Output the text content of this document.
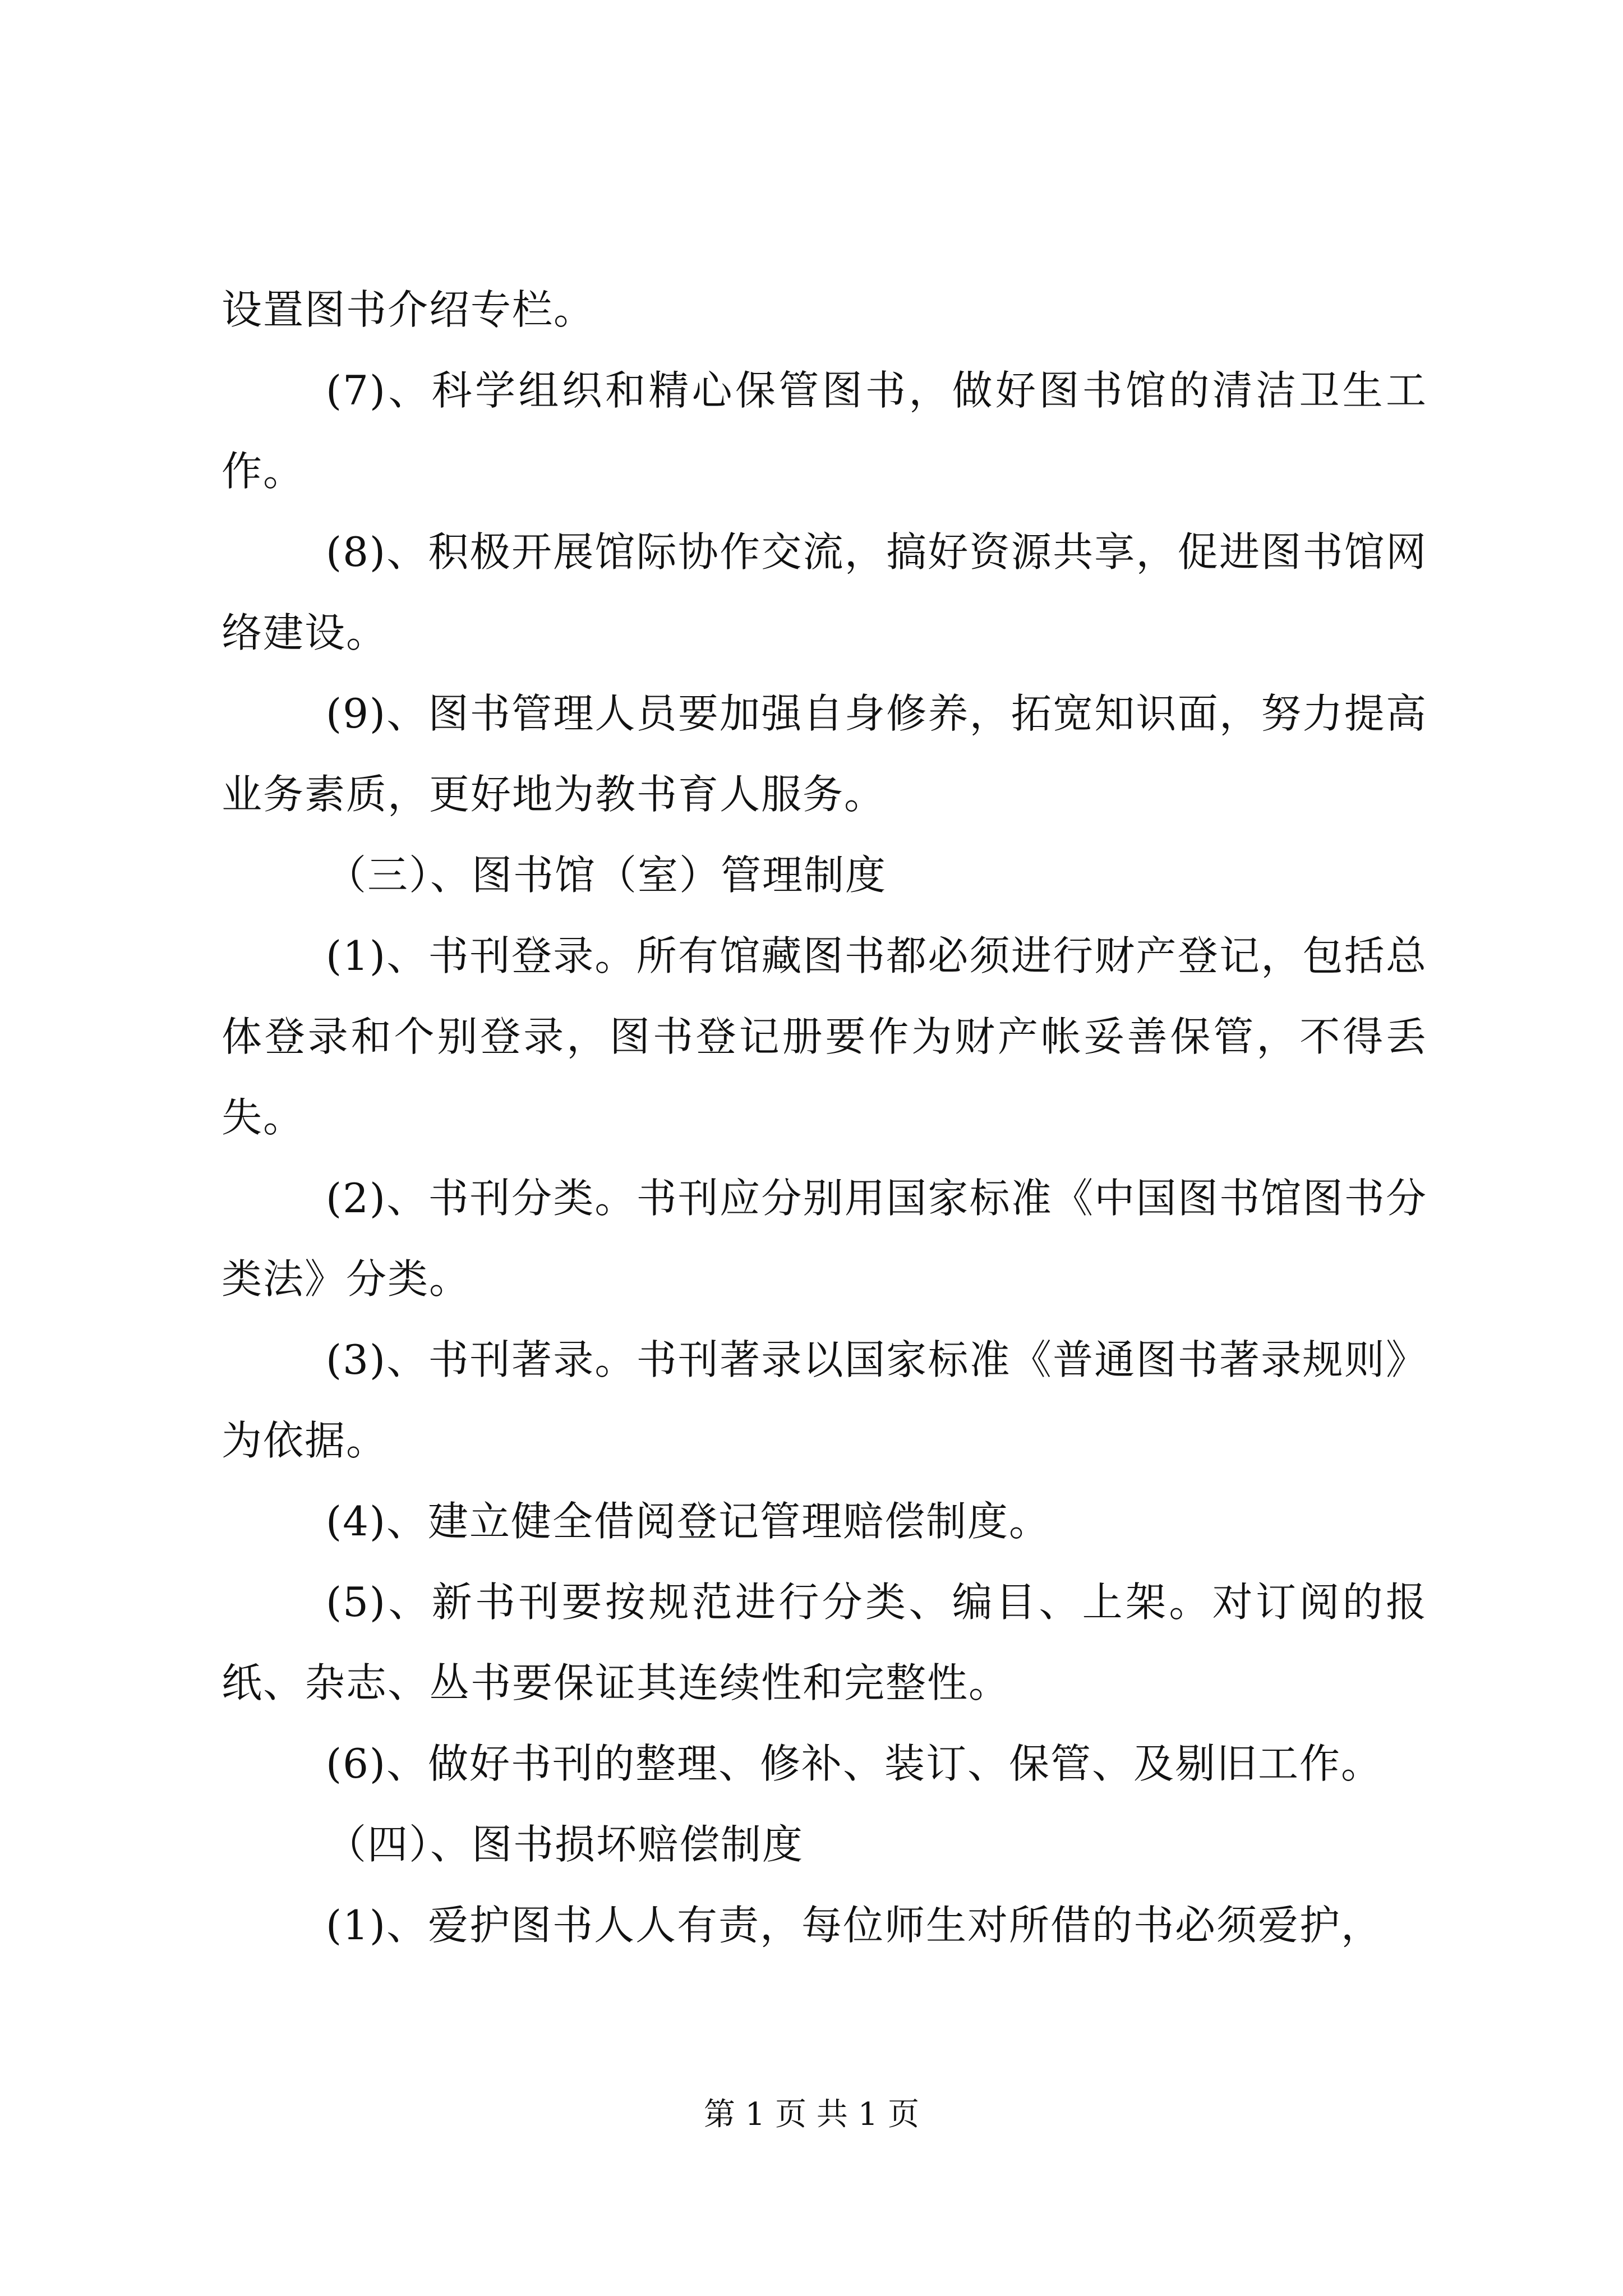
设置图书介绍专栏。

(7)、科学组织和精心保管图书，做好图书馆的清洁卫生工作。

(8)、积极开展馆际协作交流，搞好资源共享，促进图书馆网络建设。

(9)、图书管理人员要加强自身修养，拓宽知识面，努力提高业务素质，更好地为教书育人服务。

（三）、图书馆（室）管理制度

(1)、书刊登录。所有馆藏图书都必须进行财产登记，包括总体登录和个别登录，图书登记册要作为财产帐妥善保管，不得丢失。

(2)、书刊分类。书刊应分别用国家标准《中国图书馆图书分类法》分类。

(3)、书刊著录。书刊著录以国家标准《普通图书著录规则》为依据。

(4)、建立健全借阅登记管理赔偿制度。

(5)、新书刊要按规范进行分类、编目、上架。对订阅的报纸、杂志、丛书要保证其连续性和完整性。

(6)、做好书刊的整理、修补、装订、保管、及剔旧工作。

（四）、图书损坏赔偿制度

(1)、爱护图书人人有责，每位师生对所借的书必须爱护，

第 1 页 共 1 页
